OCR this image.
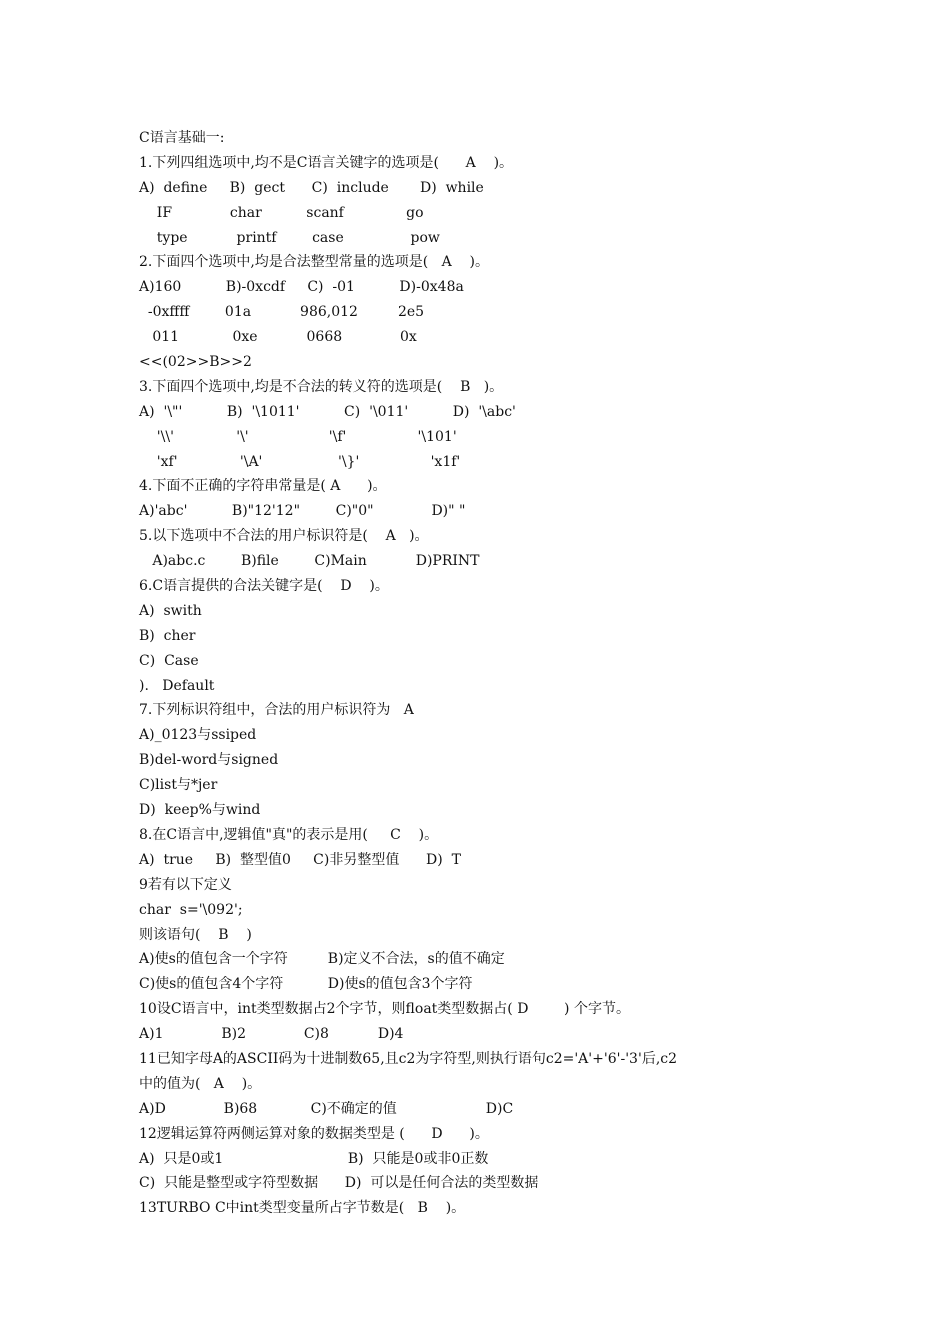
C语言基础一:
1.下列四组选项中,均不是C语言关键字的选项是(      A    )。
A)  define     B)  gect      C)  include       D)  while
IF             char          scanf              go
type           printf        case               pow
2.下面四个选项中,均是合法整型常量的选项是(   A    )。
A)160          B)-0xcdf     C)  -01          D)-0x48a
-0xffff        01a           986,012         2e5
011            0xe           0668             0x
<<(02>>B>>2
3.下面四个选项中,均是不合法的转义符的选项是(    B   )。
A)  '\"'          B)  '\1011'          C)  '\011'          D)  '\abc'
'\\'              '\'                  '\f'                '\101'
'xf'              '\A'                 '\}'                'x1f'
4.下面不正确的字符串常量是( A      )。
A)'abc'          B)"12'12"        C)"0"             D)" "
5.以下选项中不合法的用户标识符是(    A   )。
A)abc.c        B)file        C)Main           D)PRINT
6.C语言提供的合法关键字是(    D    )。
A)  swith
B)  cher
C)  Case
).   Default
7.下列标识符组中，合法的用户标识符为   A
A)_0123与ssiped
B)del-word与signed
C)list与*jer
D)  keep%与wind
8.在C语言中,逻辑值"真"的表示是用(     C    )。
A)  true     B)  整型值0     C)非另整型值      D)  T
9若有以下定义
char  s='\092';
则该语句(    B    )
A)使s的值包含一个字符         B)定义不合法，s的值不确定
C)使s的值包含4个字符          D)使s的值包含3个字符
10设C语言中，int类型数据占2个字节，则float类型数据占( D        ) 个字节。
A)1             B)2             C)8           D)4
11已知字母A的ASCII码为十进制数65,且c2为字符型,则执行语句c2='A'+'6'-'3'后,c2
中的值为(   A    )。
A)D             B)68            C)不确定的值                    D)C
12逻辑运算符两侧运算对象的数据类型是 (      D      )。
A)  只是0或1                            B)  只能是0或非0正数
C)  只能是整型或字符型数据      D)  可以是任何合法的类型数据
13TURBO C中int类型变量所占字节数是(   B    )。
